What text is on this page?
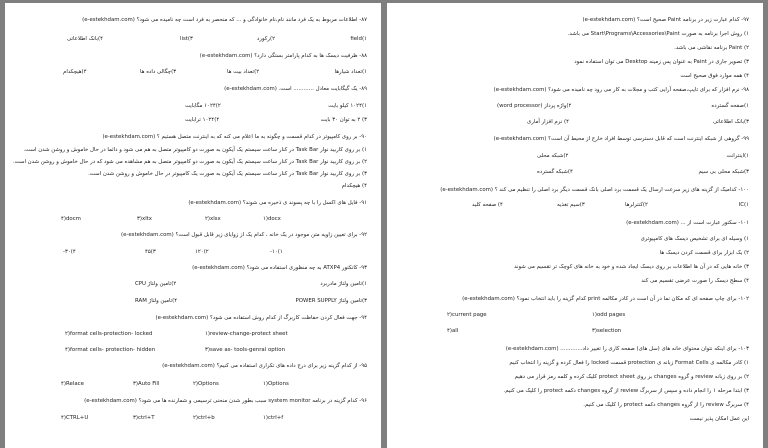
۸۷- اطلاعات مربوط به یک فرد مانند نام،نام خانوادگی و ... که منحصر به فرد است چه نامیده می شود؟ (e-estekhdam.com)
۱)field
۸۸- ظرفیت دیسک ها به کدام پارامتر بستگی دارد؟ (e-estekhdam.com)
۱)تعداد شیارها
۸۹- یک گیگابایت معادل ............ است. (e-estekhdam.com)
۱)۱۰۲۴ کیلو بایت
۳) ۲ به توان ۳۰ بایت
۹۰- بر روی کامپیوتر در کدام قسمت و چگونه به ما اعلام می کنه که به اینترنت متصل هستیم ؟ (e-estekhdam.com)
۱) بر روی کاربید نوار Task Bar در کنار ساعت سیستم یک آیکون به صورت دو کامپیوتر متصل به هم می شود و دائما در حال خاموش و روشن شدن است.
۲) بر روی کاربید نوار Task Bar در کنار ساعت سیستم یک آیکون به صورت دو کامپیوتر متصل به هم مشاهده می شود که در حال خاموش و روشن شدن است.
۳) بر روی کاربید نوار Task Bar در کنار ساعت سیستم یک آیکون به صورت یک کامپیوتر در حال خاموش و روشن شدن است.
۴) هیچکدام
۹۱- فایل های اکسل را با چه پسوند ی ذخیره می شوند؟ (e-estekhdam.com)
۹۲- برای تعیین زاویه متن موجود در یک خانه ، کدام یک از زوایای زیر قابل قبول است؟ (e-estekhdam.com)
۹۳- کانکتور ATXP4 به چه منظوری استفاده می شود؟ (e-estekhdam.com)
۱)تامین ولتاژ مادربرد
۳)تامین ولتاژ POWER SUPPLY
۹۴- جهت فعال کردن حفاظت کاربرگ از کدام روش استفاده می شود؟ (e-estekhdam.com)
۹۵- از کدام گزینه زیر برای درج داده های تکراری استفاده می کنیم؟ (e-estekhdam.com)
۹۶- کدام گزینه در برنامه system monitor سبب بطور شدن منحنی ترسیمی و شمارنده ها می شود؟ (e-estekhdam.com)
۲)رکورد
۳)list
۴)بانک اطلاعاتی
۲)تعداد بیت ها
۳)چگالی داده ها
۴)هیچکدام
۲)۱۰۲۴ مگابایت
۴)۱۰۲۴ ترابایت
۱)docx
۲)xlsx
۳)xltx
۴)docm
۱)۱۰-
۲)۱۲۰
۳)۴۵
۴)۳۰-
۲)تامین ولتاژ CPU
۴)تامین ولتاژ RAM
۱)review-change-protect sheet
۲)format cells-protection- locked
۳)save as- tools-genral option
۴)format cells- protection- hidden
۱)Options
۲)Options
۳)Auto Fill
۴)Relace
۱)ctrl+f
۲)ctrl+b
۳)ctrl+T
۴)CTRL+U
۹۷- کدام عبارت زیر در برنامه Paint صحیح است؟ (e-estekhdam.com)
۱) روش اجرا برنامه به صورت Start\Programs\Accessories\Paint می باشد.
۲) Paint برنامه نقاشی می باشد.
۳) تصویر جاری در Paint به عنوان پس زمینه Desktop می توان استفاده نمود
۴) همه موارد فوق صحیح است
۹۸- نرم افزار که برای تایپ،صفحه آرایی کتب و مجلات به کار می رود چه نامیده می شود؟ (e-estekhdam.com)
۱)صفحه گسترده
۳)بانک اطلاعاتی
۹۹- گروهی از شبکه اینترنت است که قابل دسترسی توسط افراد خارج از محیط آن است؟ (e-estekhdam.com)
۱)اینترانت
۳)شبکه محلی بی سیم
۱۰۰- کدامیک از گزینه های زیر سرعت ارسال یک قسمت برد اصلی بانک قسمت دیگر برد اصلی را تنظیم می کند ؟ (e-estekhdam.com)
۱)IC
۱۰۱- سکتور عبارت است از ... (e-estekhdam.com)
۱) وسیله ای برای تشخیص دیسک های کامپیوتری
۲) یک ابزار برای قسمت کردن دیسک ها
۳) خانه هایی که در آن ها اطلاعات بر روی دیسک ایجاد شده و خود به خانه های کوچک تر تقسیم می شوند
۴) سطح دیسک را صورت عرضی تقسیم می کند
۱۰۲- برای چاپ صفحه ای که مکان نما در آن است در کادر مکالمه print کدام گزینه را باید انتخاب نمود؟ (e-estekhdam.com)
۱۰۳- برای اینکه نتوان محتوای خانه های (سل های) صفحه کاری را تغییر داد............. (e-estekhdam.com)
۱) کادر مکالمه ی Format Cells زبانه ی protection قسمت locked را فعال کرده و گزینه را انتخاب کنیم
۲) بر روی زبانه review و گروه changes بر روی protect sheet کلیک کرده و کلمه رمز قرار می دهیم
۳) ابتدا مرحله ۱ را انجام داده و سپس از سربرگ review از گروه changes دکمه protect را کلیک می کنیم.
۴) سربرگ review را از گروه changes دکمه protect را کلیک می کنیم.
این عمل امکان پذیر نیست
۲)واژه پرداز (word processor)
۴) نرم افزار آماری
۲)شبکه محلی
۴)شبکه گسترده
۲)کنترلرها
۳)سیم تغذیه
۴) صفحه کلید
۱)odd pages
۲)current page
۳)selection
۴)all
